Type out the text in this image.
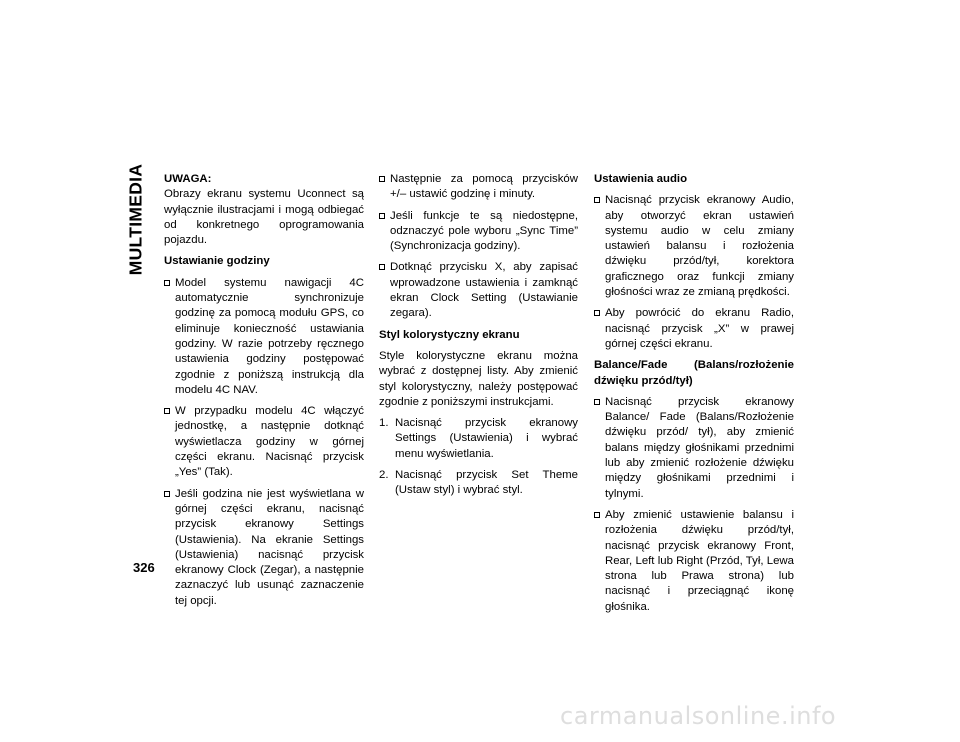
MULTIMEDIA UWAGA:

Obrazy ekranu systemu Uconnect są wyłącznie ilustracjami i mogą odbiegać od konkretnego oprogramowania pojazdu.

Ustawianie godziny

Model systemu nawigacji 4C automatycznie synchronizuje godzinę za pomocą modułu GPS, co eliminuje konieczność ustawiania godziny. W razie potrzeby ręcznego ustawienia godziny postępować zgodnie z poniższą instrukcją dla modelu 4C NAV.
W przypadku modelu 4C włączyć jednostkę, a następnie dotknąć wyświetlacza godziny w górnej części ekranu. Nacisnąć przycisk „Yes” (Tak).
Jeśli godzina nie jest wyświetlana w górnej części ekranu, nacisnąć przycisk ekranowy Settings (Ustawienia). Na ekranie Settings (Ustawienia) nacisnąć przycisk ekranowy Clock (Zegar), a następnie zaznaczyć lub usunąć zaznaczenie tej opcji.
Następnie za pomocą przycisków +/– ustawić godzinę i minuty.
Jeśli funkcje te są niedostępne, odznaczyć pole wyboru „Sync Time” (Synchronizacja godziny).
Dotknąć przycisku X, aby zapisać wprowadzone ustawienia i zamknąć ekran Clock Setting (Ustawianie zegara).

Styl kolorystyczny ekranu

Style kolorystyczne ekranu można wybrać z dostępnej listy. Aby zmienić styl kolorystyczny, należy postępować zgodnie z poniższymi instrukcjami.

1. Nacisnąć przycisk ekranowy Settings (Ustawienia) i wybrać menu wyświetlania.
2. Nacisnąć przycisk Set Theme (Ustaw styl) i wybrać styl.

Ustawienia audio

Nacisnąć przycisk ekranowy Audio, aby otworzyć ekran ustawień systemu audio w celu zmiany ustawień balansu i rozłożenia dźwięku przód/tył, korektora graficznego oraz funkcji zmiany głośności wraz ze zmianą prędkości.
Aby powrócić do ekranu Radio, nacisnąć przycisk „X” w prawej górnej części ekranu.
Balance/Fade (Balans/rozłożenie

dźwięku przód/tył)

Nacisnąć przycisk ekranowy Balance/ Fade (Balans/Rozłożenie dźwięku przód/ tył), aby zmienić balans między głośnikami przednimi lub aby zmienić rozłożenie dźwięku między głośnikami przednimi i tylnymi.
Aby zmienić ustawienie balansu i rozłożenia dźwięku przód/tył, nacisnąć przycisk ekranowy Front, Rear, Left lub Right (Przód, Tył, Lewa strona lub Prawa strona) lub nacisnąć i przeciągnąć ikonę głośnika.
326
carmanualsonline.info
